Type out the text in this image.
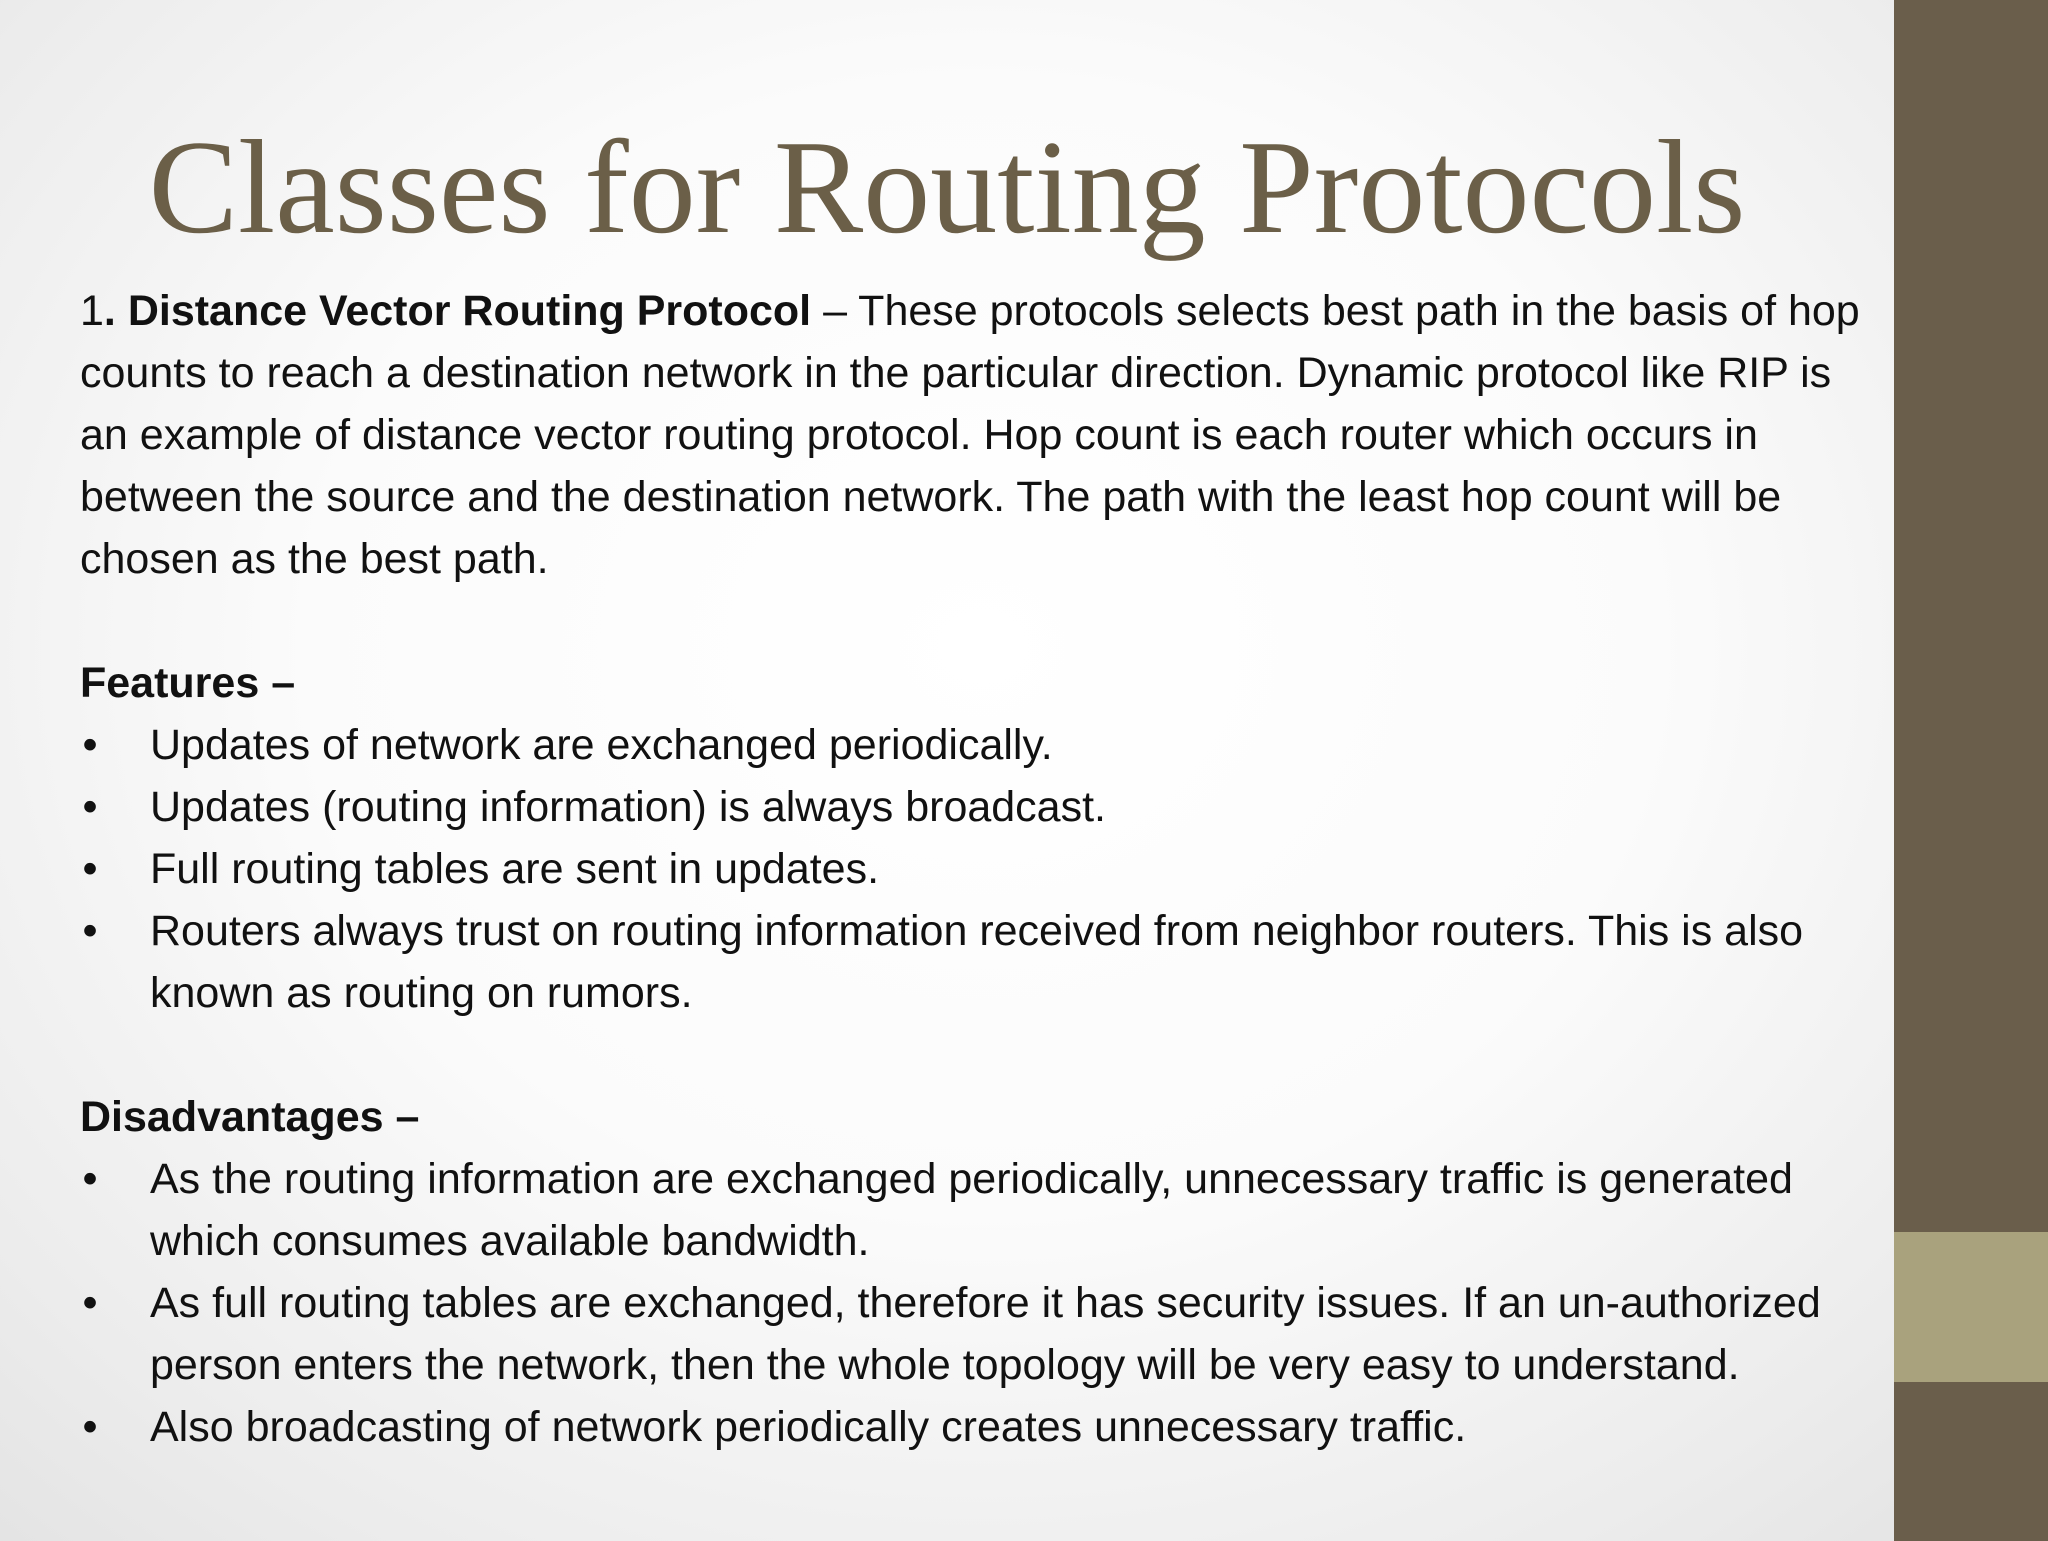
Classes for Routing Protocols

1. Distance Vector Routing Protocol – These protocols selects best path in the basis of hop counts to reach a destination network in the particular direction. Dynamic protocol like RIP is an example of distance vector routing protocol. Hop count is each router which occurs in between the source and the destination network. The path with the least hop count will be chosen as the best path.

Features –

• Updates of network are exchanged periodically.
• Updates (routing information) is always broadcast.
• Full routing tables are sent in updates.
• Routers always trust on routing information received from neighbor routers. This is also known as routing on rumors.

Disadvantages –

• As the routing information are exchanged periodically, unnecessary traffic is generated which consumes available bandwidth.
• As full routing tables are exchanged, therefore it has security issues. If an un-authorized person enters the network, then the whole topology will be very easy to understand.
• Also broadcasting of network periodically creates unnecessary traffic.
